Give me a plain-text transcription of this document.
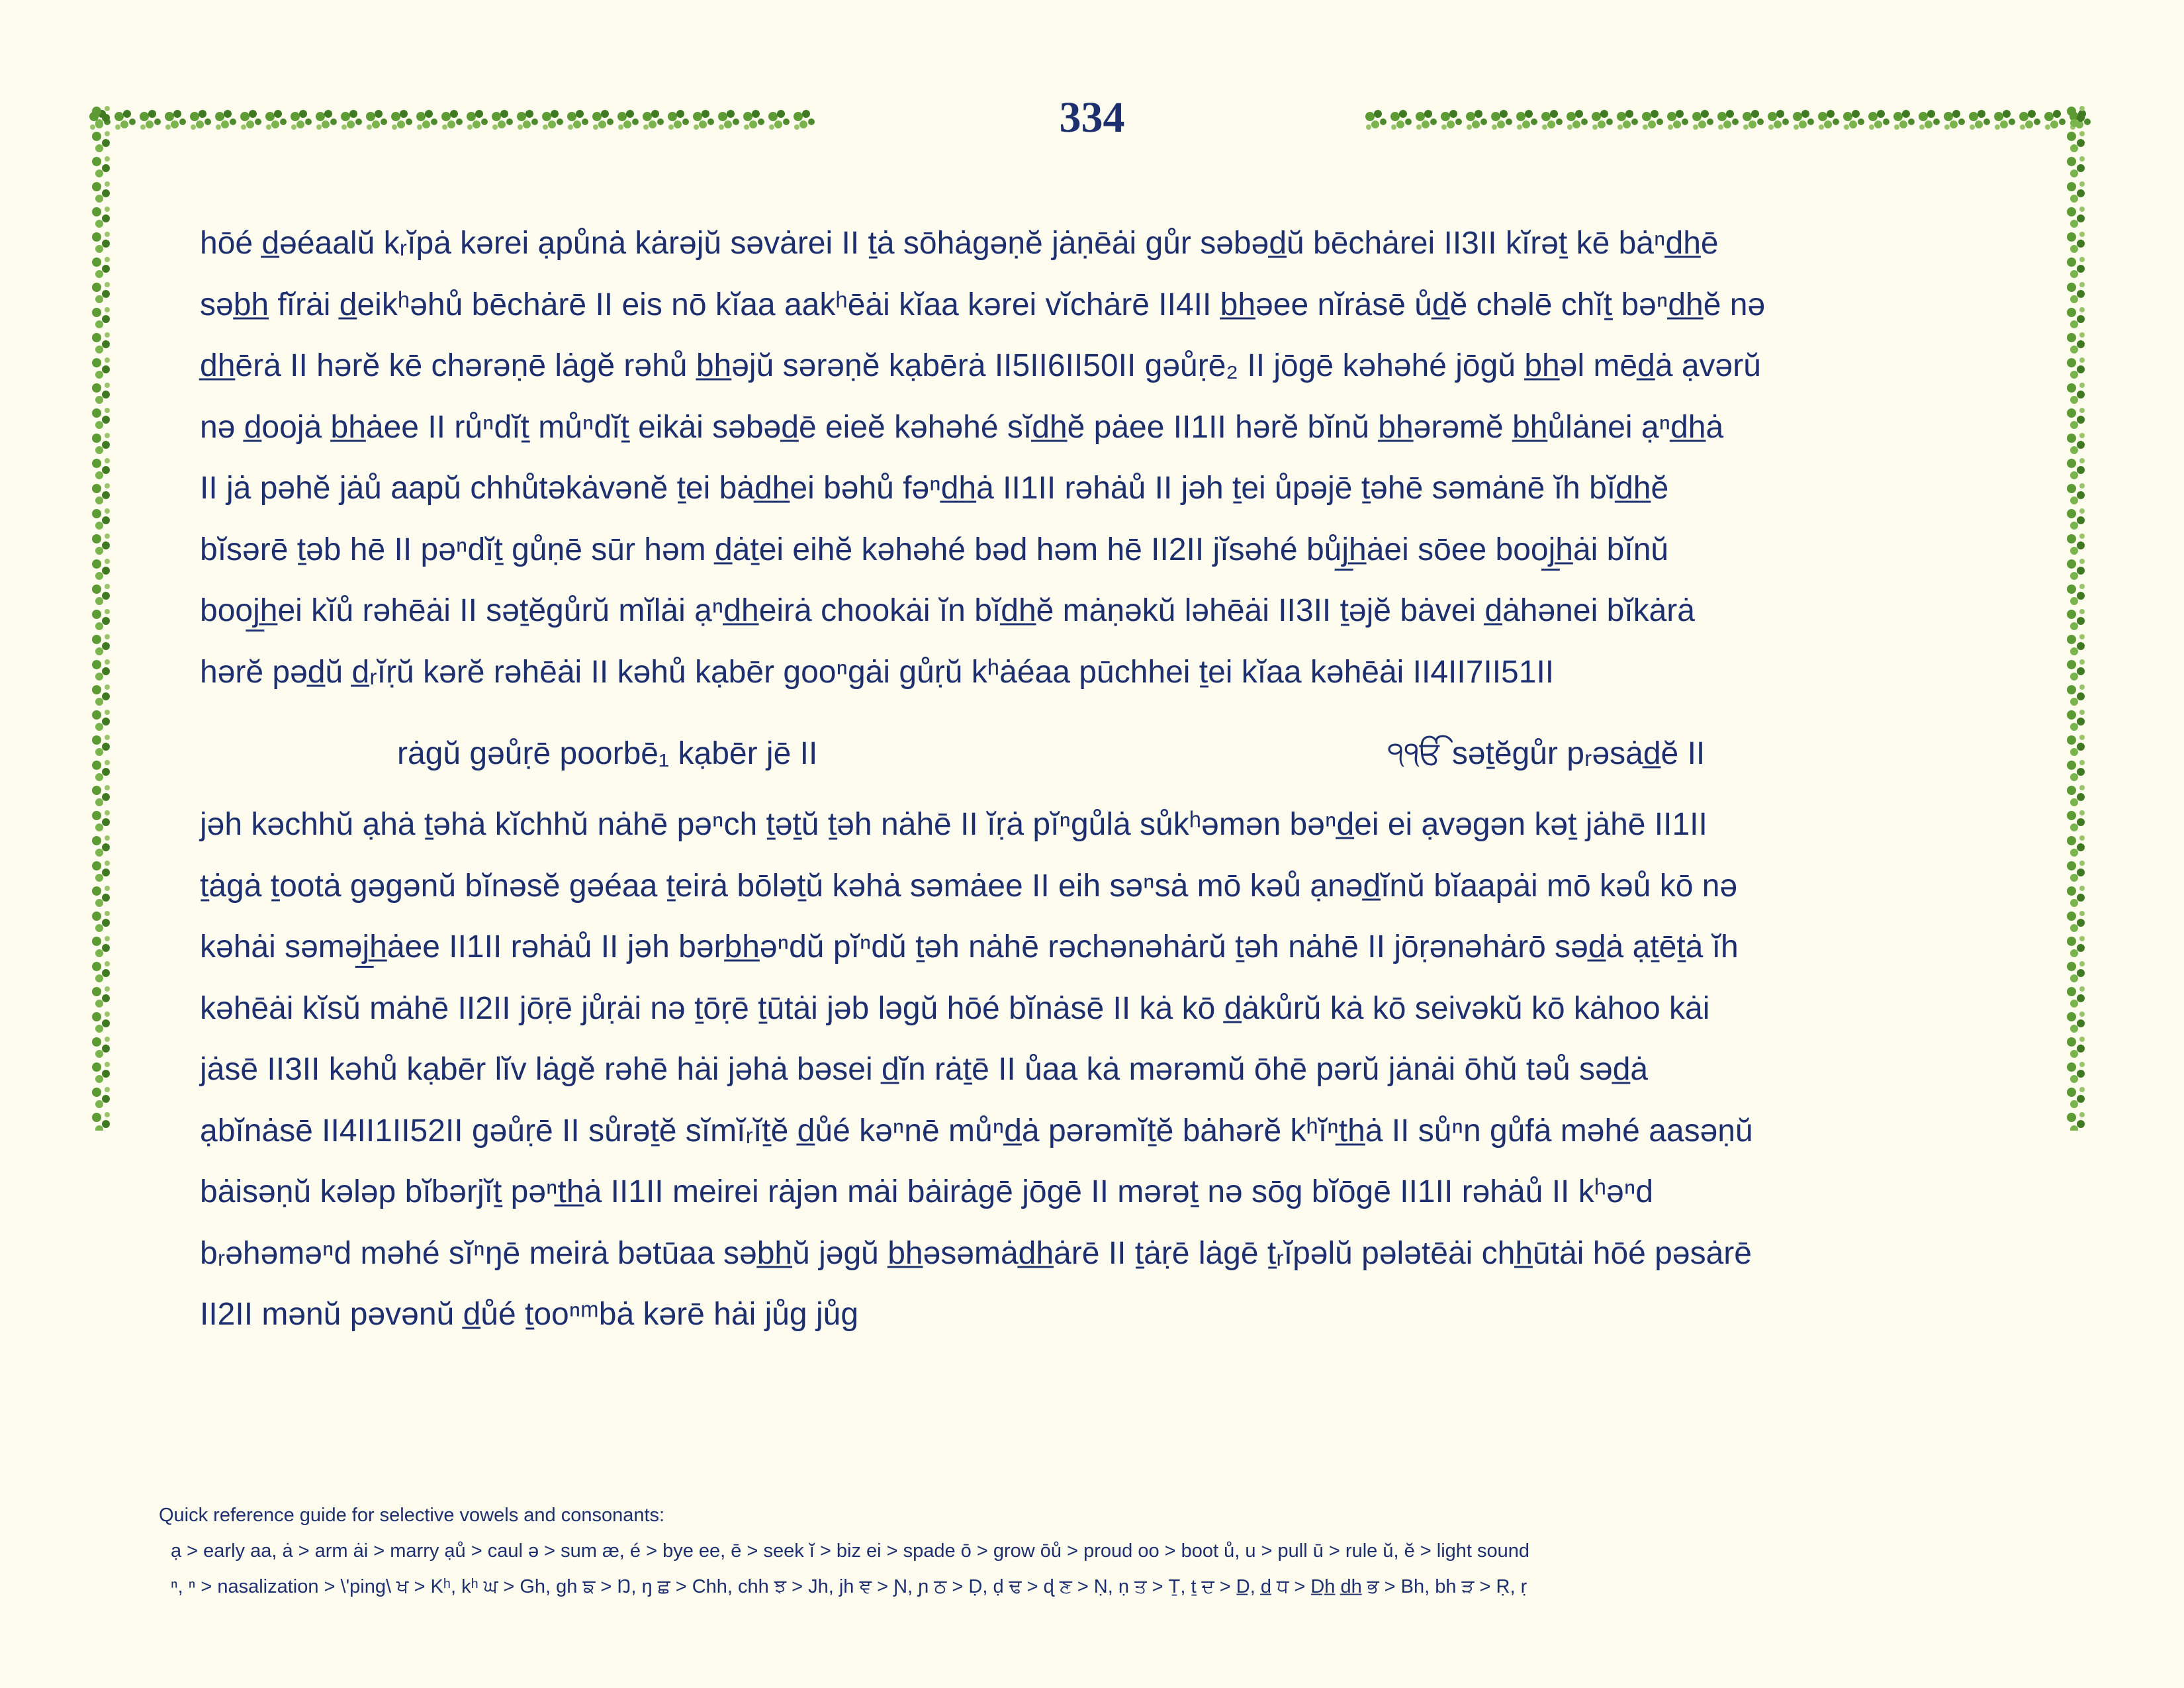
334
hōé d̲əéaalŭ kᵣĭpȧ kərei ạpůnȧ kȧrəjŭ səvȧrei ІІ ṯȧ sōhȧgəṇĕ jȧṇēȧi gůr səbəd̲ŭ bēchȧrei ІІ3ІІ kĭrəṯ kē bȧⁿd̲h̲ē
səb̲h̲ fĭrȧi d̲eikʰəhů bēchȧrē ІІ eis nō kĭaa aakʰēȧi kĭaa kərei vĭchȧrē ІІ4ІІ b̲h̲əee nĭrȧsē ůd̲ĕ chəlē chĭṯ bəⁿd̲h̲ĕ nə
d̲h̲ērȧ ІІ hərĕ kē chərəṇē lȧgĕ rəhů b̲h̲əjŭ sərəṇĕ kạbērȧ ІІ5ІІ6ІІ50ІІ gəůṛē₂ ІІ jōgē kəhəhé jōgŭ b̲h̲əl mēd̲ȧ ạvərŭ
nə d̲oojȧ b̲h̲ȧee ІІ růⁿdĭṯ můⁿdĭṯ eikȧi səbəd̲ē eieĕ kəhəhé sĭd̲h̲ĕ pȧee ІІ1ІІ hərĕ bĭnŭ b̲h̲ərəmĕ b̲h̲ůlȧnei ạⁿd̲h̲ȧ
ІІ jȧ pəhĕ jȧů aapŭ chhůtəkȧvənĕ ṯei bȧd̲h̲ei bəhů fəⁿd̲h̲ȧ ІІ1ІІ rəhȧů ІІ jəh ṯei ůpəjē ṯəhē səmȧnē ĭh bĭd̲h̲ĕ
bĭsərē ṯəb hē ІІ pəⁿdĭṯ gůṇē sūr həm d̲ȧṯei eihĕ kəhəhé bəd həm hē ІІ2ІІ jĭsəhé bůj̲h̲ȧei sōee booj̲h̲ȧi bĭnŭ
booj̲h̲ei kĭů rəhēȧi ІІ səṯĕgůrŭ mĭlȧi ạⁿd̲h̲eirȧ chookȧi ĭn bĭd̲h̲ĕ mȧṇəkŭ ləhēȧi ІІ3ІІ ṯəjĕ bȧvei d̲ȧhənei bĭkȧrȧ
hərĕ pəd̲ŭ d̲ᵣĭṛŭ kərĕ rəhēȧi ІІ kəhů kạbēr gooⁿgȧi gůṛŭ kʰȧéaa pūchhei ṯei kĭaa kəhēȧi ІІ4ІІ7ІІ51ІІ
rȧgŭ gəůṛē poorbē₁ kạbēr jē ІІ	੧ੴ səṯĕgůr pᵣəsȧd̲ĕ ІІ
jəh kəchhŭ ạhȧ ṯəhȧ kĭchhŭ nȧhē pəⁿch ṯəṯŭ ṯəh nȧhē ІІ ĭṛȧ pĭⁿgůlȧ sůkʰəmən bəⁿd̲ei ei ạvəgən kəṯ jȧhē ІІ1ІІ
ṯȧgȧ ṯootȧ gəgənŭ bĭnəsĕ gəéaa ṯeirȧ bōləṯŭ kəhȧ səmȧee ІІ eih səⁿsȧ mō kəů ạnəd̲ĭnŭ bĭaapȧi mō kəů kō nə
kəhȧi səməj̲h̲ȧee ІІ1ІІ rəhȧů ІІ jəh bərb̲h̲əⁿdŭ pĭⁿdŭ ṯəh nȧhē rəchənəhȧrŭ ṯəh nȧhē ІІ jōṛənəhȧrō səd̲ȧ ạṯēṯȧ ĭh
kəhēȧi kĭsŭ mȧhē ІІ2ІІ jōṛē jůṛȧi nə ṯōṛē ṯūtȧi jəb ləgŭ hōé bĭnȧsē ІІ kȧ kō d̲ȧkůrŭ kȧ kō seivəkŭ kō kȧhoo kȧi
jȧsē ІІ3ІІ kəhů kạbēr lĭv lȧgĕ rəhē hȧi jəhȧ bəsei d̲ĭn rȧṯē ІІ ůaa kȧ mərəmŭ ōhē pərŭ jȧnȧi ōhŭ təů səd̲ȧ
ạbĭnȧsē ІІ4ІІ1ІІ52ІІ gəůṛē ІІ sůrəṯĕ sĭmĭᵣĭṯĕ d̲ůé kəⁿnē můⁿd̲ȧ pərəmĭṯĕ bȧhərĕ kʰĭⁿt̲h̲ȧ ІІ sůⁿn gůfȧ məhé aasəṇŭ
bȧisəṇŭ kələp bĭbərjĭṯ pəⁿt̲h̲ȧ ІІ1ІІ meirei rȧjən mȧi bȧirȧgē jōgē ІІ mərəṯ nə sōg bĭōgē ІІ1ІІ rəhȧů ІІ kʰəⁿd
bᵣəhəməⁿd məhé sĭⁿŋē meirȧ bətūaa səb̲h̲ŭ jəgŭ b̲h̲əsəmȧd̲h̲ȧrē ІІ ṯȧṛē lȧgē ṯᵣĭpəlŭ pələtēȧi chh̲ūtȧi hōé pəsȧrē
ІІ2ІІ mənŭ pəvənŭ d̲ůé ṯooⁿᵐbȧ kərē hȧi jůg jůg
Quick reference guide for selective vowels and consonants:
ạ > early aa, ȧ > arm ȧi > marry ạů > caul ə > sum æ, é > bye ee, ē > seek ĭ > biz ei > spade ō > grow ōů > proud oo > boot ů, u > pull ū > rule ŭ, ĕ > light sound
ⁿ, ⁿ > nasalization > \'ping\ ਖ > Kʰ, kʰ ਘ > Gh, gh ਙ > Ŋ, ŋ ਛ > Chh, chh ਝ > Jh, jh ਞ > Ɲ, ɲ ਠ > Ḍ, ḍ ਢ > ɖ ਣ > Ṇ, ṇ ਤ > Ṯ, ṯ ਦ > D̲, d̲ ਧ > D̲h̲ d̲h̲ ਭ > Bh, bh ੜ > Ṛ, ṛ
